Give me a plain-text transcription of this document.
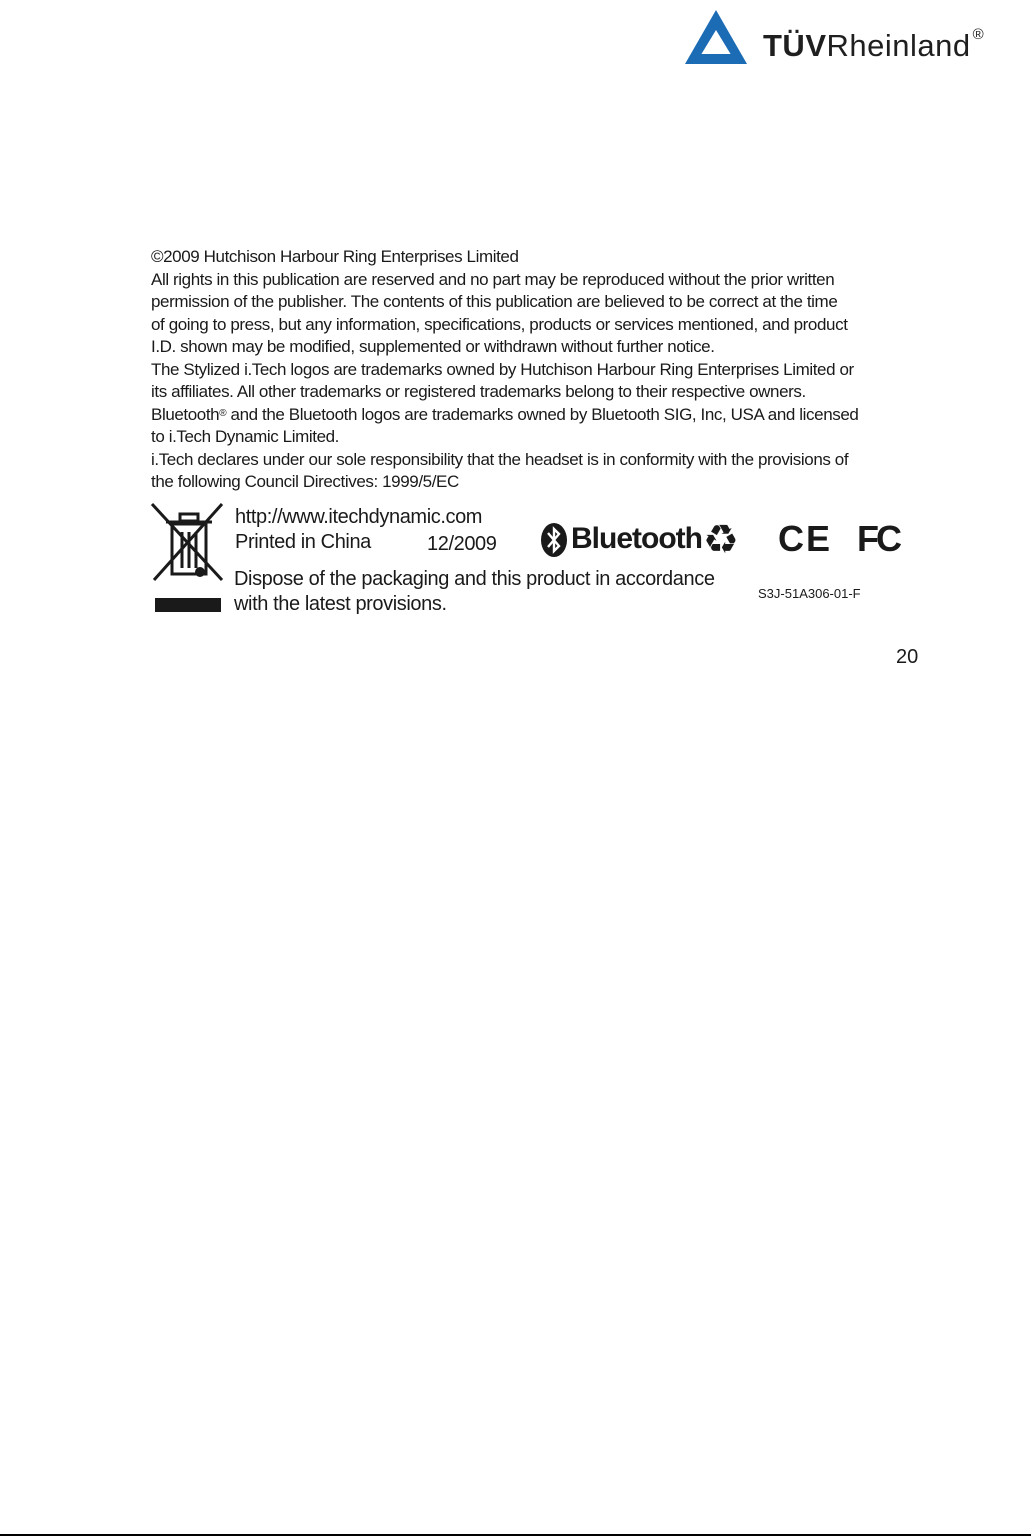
TÜVRheinland ®
©2009 Hutchison Harbour Ring Enterprises Limited
All rights in this publication are reserved and no part may be reproduced without the prior written
permission of the publisher. The contents of this publication are believed to be correct at the time
of going to press, but any information, specifications, products or services mentioned, and product
I.D. shown may be modified, supplemented or withdrawn without further notice.
The Stylized i.Tech logos are trademarks owned by Hutchison Harbour Ring Enterprises Limited or
its affiliates. All other trademarks or registered trademarks belong to their respective owners.
Bluetooth® and the Bluetooth logos are trademarks owned by Bluetooth SIG, Inc, USA and licensed
to i.Tech Dynamic Limited.
i.Tech declares under our sole responsibility that the headset is in conformity with the provisions of
the following Council Directives: 1999/5/EC
http://www.itechdynamic.com
Printed in China	12/2009
Dispose of the packaging and this product in accordance
with the latest provisions.
Bluetooth ♻ CE FC
S3J-51A306-01-F
20
